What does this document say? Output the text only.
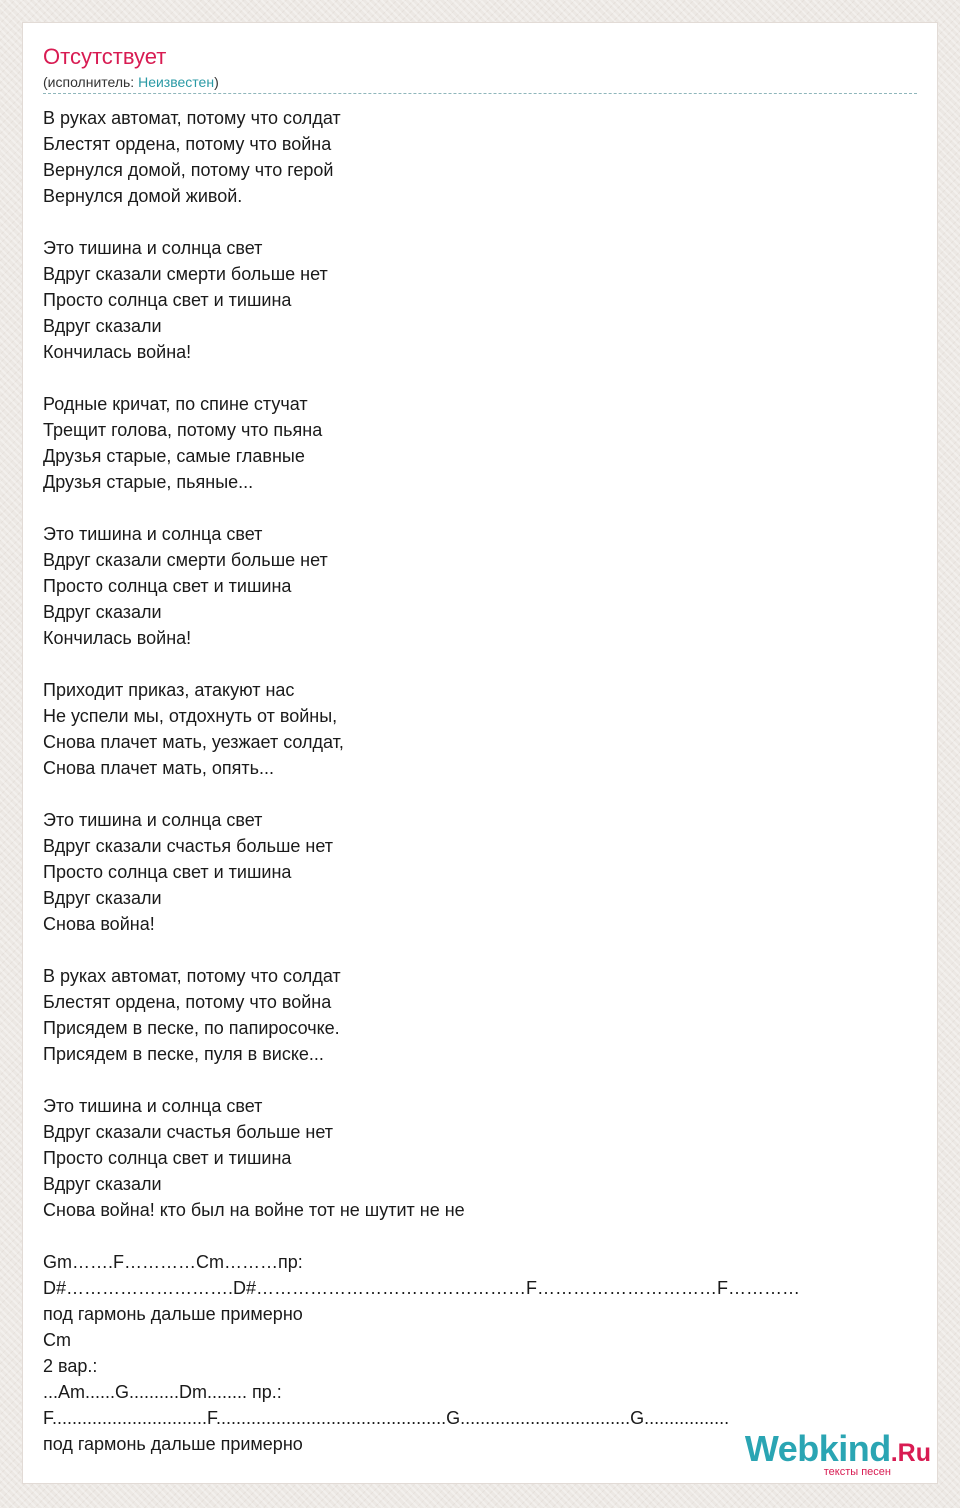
Отсутствует
(исполнитель: Неизвестен)
В руках автомат, потому что солдат
Блестят ордена, потому что война
Вернулся домой, потому что герой
Вернулся домой живой.
Это тишина и солнца свет
Вдруг сказали смерти больше нет
Просто солнца свет и тишина
Вдруг сказали
Кончилась война!
Родные кричат, по спине стучат
Трещит голова, потому что пьяна
Друзья старые, самые главные
Друзья старые, пьяные...
Это тишина и солнца свет
Вдруг сказали смерти больше нет
Просто солнца свет и тишина
Вдруг сказали
Кончилась война!
Приходит приказ, атакуют нас
Не успели мы, отдохнуть от войны,
Снова плачет мать, уезжает солдат,
Снова плачет мать, опять...
Это тишина и солнца свет
Вдруг сказали счастья больше нет
Просто солнца свет и тишина
Вдруг сказали
Снова война!
В руках автомат, потому что солдат
Блестят ордена, потому что война
Присядем в песке, по папиросочке.
Присядем в песке, пуля в виске...
Это тишина и солнца свет
Вдруг сказали счастья больше нет
Просто солнца свет и тишина
Вдруг сказали
Снова война! кто был на войне тот не шутит не не
Gm…….F…………Cm………пр:
D#……………………….D#………………………………………F…………………………F…………
под гармонь дальше примерно
Cm
2 вар.:
...Am......G..........Dm........ пр.:
F...............................F..............................................G..................................G.................
под гармонь дальше примерно	Webkind.Ru
тексты песен
